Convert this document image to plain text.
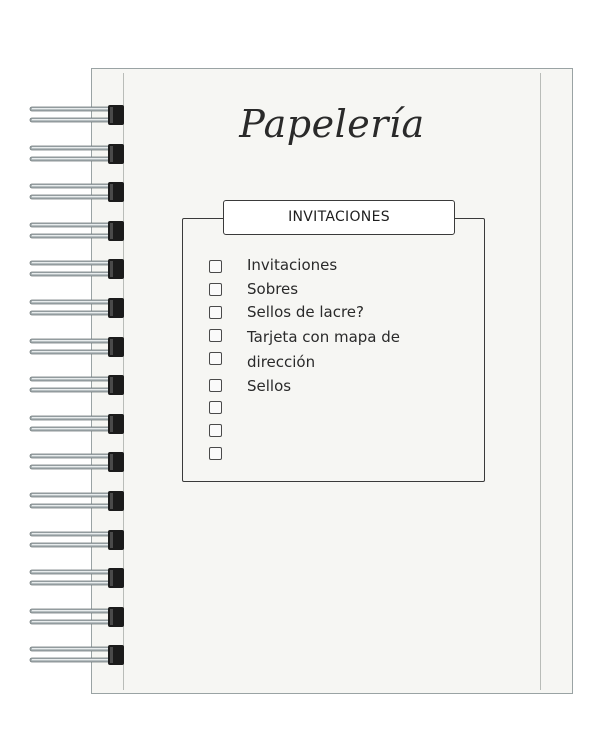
Papelería
INVITACIONES
Invitaciones
Sobres
Sellos de lacre?
Tarjeta con mapa de
dirección
Sellos
